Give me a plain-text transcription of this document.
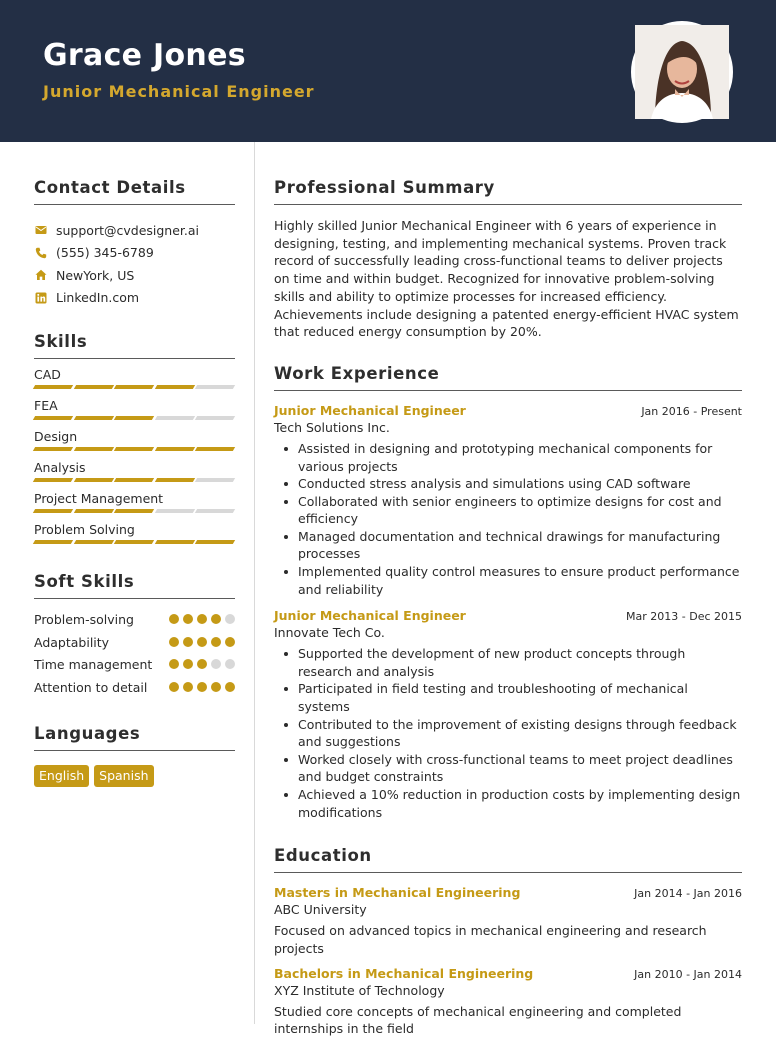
Grace Jones
Junior Mechanical Engineer
Contact Details
support@cvdesigner.ai
(555) 345-6789
NewYork, US
LinkedIn.com
Skills
CAD
FEA
Design
Analysis
Project Management
Problem Solving
Soft Skills
Problem-solving
Adaptability
Time management
Attention to detail
Languages
English	Spanish
Professional Summary

Highly skilled Junior Mechanical Engineer with 6 years of experience in designing, testing, and implementing mechanical systems. Proven track record of successfully leading cross-functional teams to deliver projects on time and within budget. Recognized for innovative problem-solving skills and ability to optimize processes for increased efficiency. Achievements include designing a patented energy-efficient HVAC system that reduced energy consumption by 20%.

Work Experience
Junior Mechanical Engineer	Jan 2016 - Present
Tech Solutions Inc.
Assisted in designing and prototyping mechanical components for various projects
Conducted stress analysis and simulations using CAD software
Collaborated with senior engineers to optimize designs for cost and efficiency
Managed documentation and technical drawings for manufacturing processes
Implemented quality control measures to ensure product performance and reliability
Junior Mechanical Engineer	Mar 2013 - Dec 2015
Innovate Tech Co.
Supported the development of new product concepts through research and analysis
Participated in field testing and troubleshooting of mechanical systems
Contributed to the improvement of existing designs through feedback and suggestions
Worked closely with cross-functional teams to meet project deadlines and budget constraints
Achieved a 10% reduction in production costs by implementing design modifications
Education
Masters in Mechanical Engineering	Jan 2014 - Jan 2016
ABC University

Focused on advanced topics in mechanical engineering and research projects

Bachelors in Mechanical Engineering	Jan 2010 - Jan 2014
XYZ Institute of Technology

Studied core concepts of mechanical engineering and completed internships in the field
